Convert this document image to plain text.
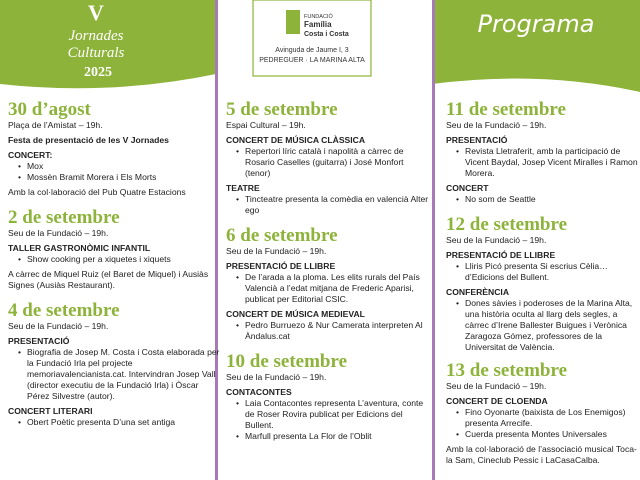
V
Jornades
Culturals
2025
FUNDACIÓ
Família
Costa i Costa
Avinguda de Jaume I, 3
PEDREGUER · LA MARINA ALTA
Programa

30 d’agost

Plaça de l’Amistat – 19h.

Festa de presentació de les V Jornades

CONCERT:

• Mox
• Mossèn Bramit Morera i Els Morts

Amb la col·laboració del Pub Quatre Estacions

2 de setembre

Seu de la Fundació – 19h.

TALLER GASTRONÒMIC INFANTIL

• Show cooking per a xiquetes i xiquets

A càrrec de Miquel Ruiz (el Baret de Miquel) i Ausiàs Signes (Ausiàs Restaurant).

4 de setembre

Seu de la Fundació – 19h.

PRESENTACIÓ

• Biografia de Josep M. Costa i Costa elaborada per la Fundació Irla pel projecte memoriavalencianista.cat. Intervindran Josep Vall (director executiu de la Fundació Irla) i Òscar Pérez Silvestre (autor).

CONCERT LITERARI

• Obert Poètic presenta D’una set antiga

5 de setembre

Espai Cultural – 19h.

CONCERT DE MÚSICA CLÀSSICA

• Repertori líric català i napolità a càrrec de Rosario Caselles (guitarra) i José Monfort (tenor)

TEATRE

• Tincteatre presenta la comèdia en valencià Alter ego

6 de setembre

Seu de la Fundació – 19h.

PRESENTACIÓ DE LLIBRE

• De l’arada a la ploma. Les elits rurals del País Valencià a l’edat mitjana de Frederic Aparisi, publicat per Editorial CSIC.

CONCERT DE MÚSICA MEDIEVAL

• Pedro Burruezo & Nur Camerata interpreten Al Àndalus.cat

10 de setembre

Seu de la Fundació – 19h.

CONTACONTES

• Laia Contacontes representa L’aventura, conte de Roser Rovira publicat per Edicions del Bullent.
• Marfull presenta La Flor de l’Oblit

11 de setembre

Seu de la Fundació – 19h.

PRESENTACIÓ

• Revista Lletraferit, amb la participació de Vicent Baydal, Josep Vicent Miralles i Ramon Morera.

CONCERT

• No som de Seattle

12 de setembre

Seu de la Fundació – 19h.

PRESENTACIÓ DE LLIBRE

• Lliris Picó presenta Si escrius Cèlia… d’Edicions del Bullent.

CONFERÈNCIA

• Dones sàvies i poderoses de la Marina Alta, una història oculta al llarg dels segles, a càrrec d’Irene Ballester Buigues i Verònica Zaragoza Gómez, professores de la Universitat de València.

13 de setembre

Seu de la Fundació – 19h.

CONCERT DE CLOENDA

• Fino Oyonarte (baixista de Los Enemigos) presenta Arrecife.
• Cuerda presenta Montes Universales

Amb la col·laboració de l’associació musical Toca-la Sam, Cineclub Pessic i LaCasaCalba.
